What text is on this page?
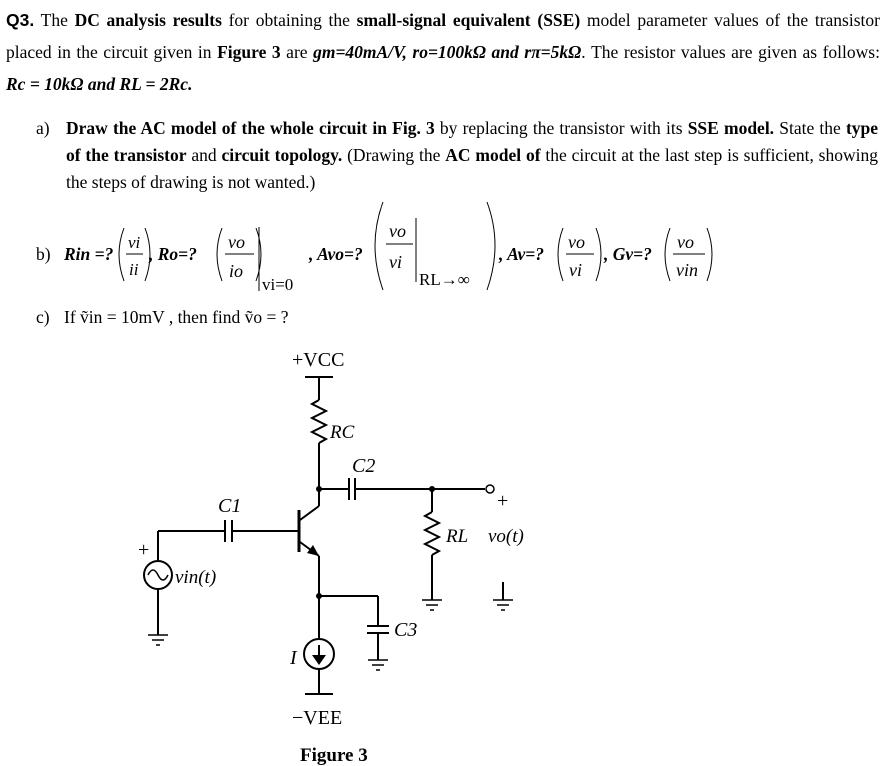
Q3. The DC analysis results for obtaining the small-signal equivalent (SSE) model parameter values of the transistor placed in the circuit given in Figure 3 are gm=40mA/V, ro=100kΩ and rπ=5kΩ. The resistor values are given as follows: Rc = 10kΩ and RL = 2Rc.
a) Draw the AC model of the whole circuit in Fig. 3 by replacing the transistor with its SSE model. State the type of the transistor and circuit topology. (Drawing the AC model of the circuit at the last step is sufficient, showing the steps of drawing is not wanted.)
b) Rin =?
vi
ii
, Ro=?
vo
io
vi=0
, Avo=?
vo
vi
RL→∞
, Av=?
vo
vi
, Gv=?
vo
vin
c) If ṽin = 10mV , then find ṽo = ?
+VCC
RC
C2
C1
C3
RL vo(t)
vin(t)
I
+
+
−VEE
Figure 3
